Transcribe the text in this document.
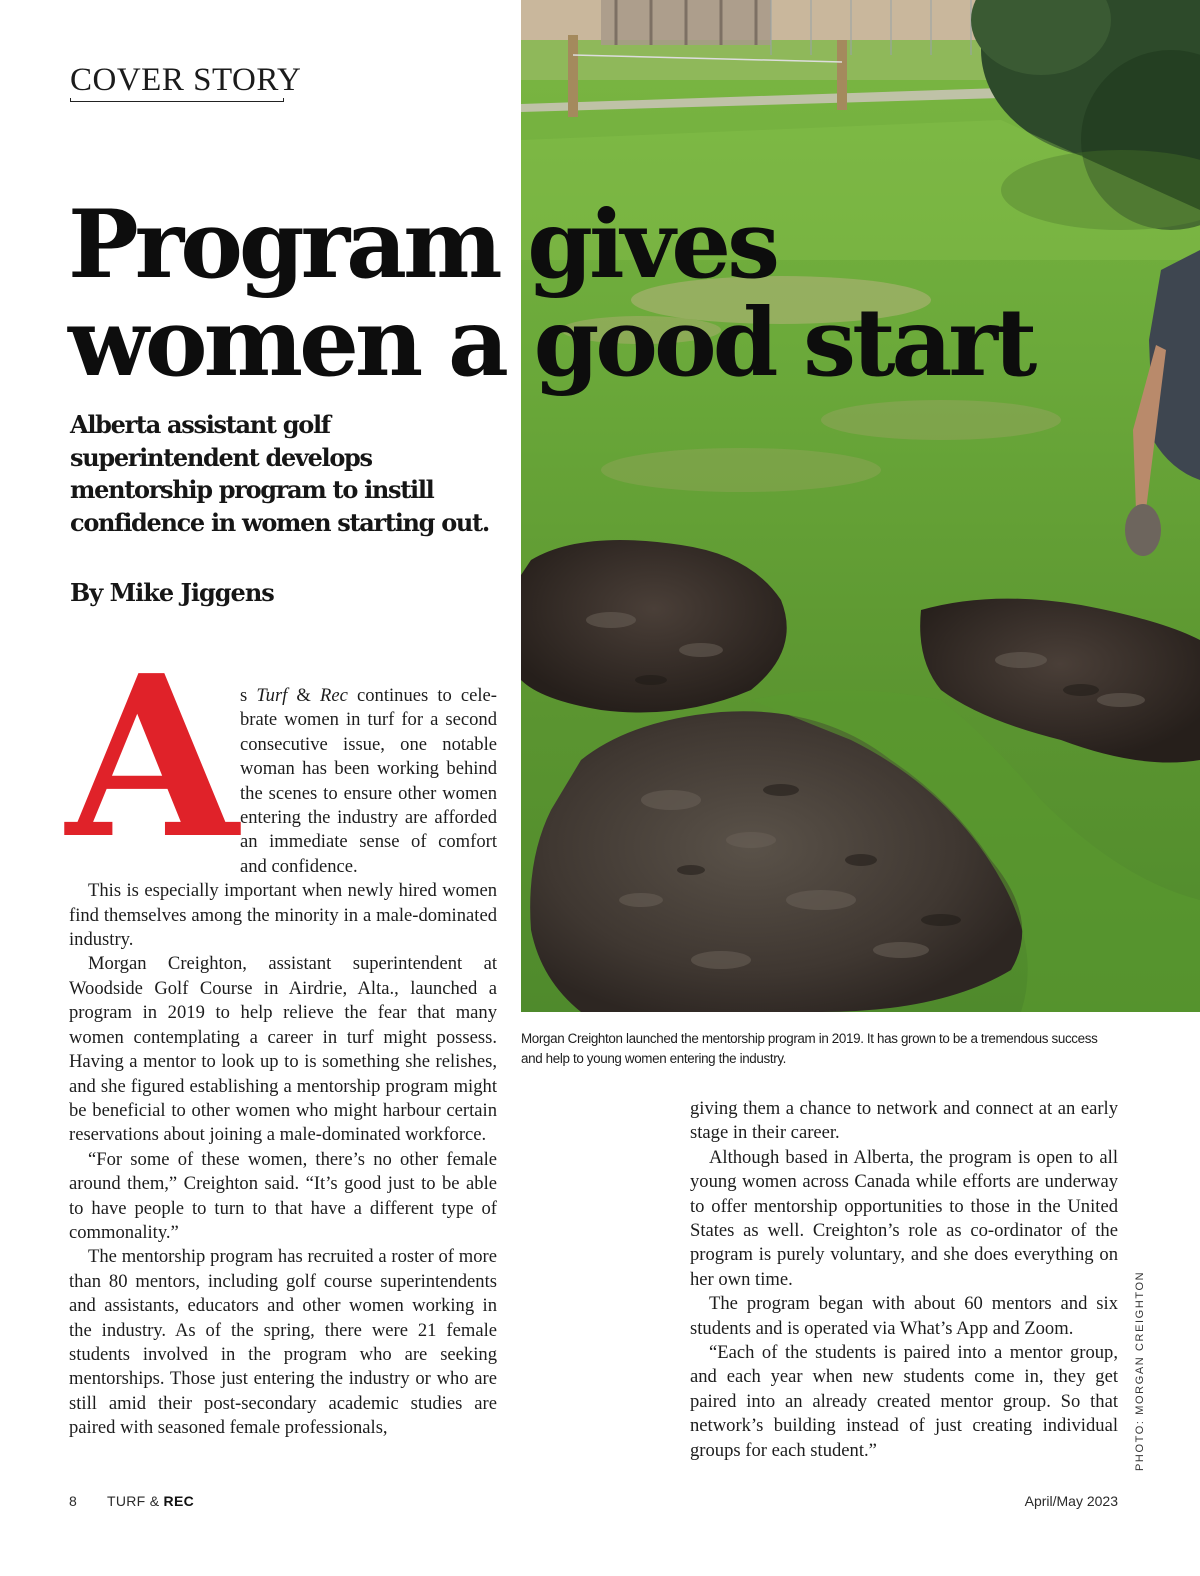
COVER STORY
Program gives
women a good start

Alberta assistant golf superintendent develops mentorship program to instill confidence in women starting out.

By Mike Jiggens

A s Turf & Rec continues to celebrate women in turf for a second consecutive issue, one notable woman has been working behind the scenes to ensure other women entering the industry are afforded an immediate sense of comfort and confidence.

This is especially important when newly hired women find themselves among the minority in a male-dominated industry.

Morgan Creighton, assistant superintendent at Woodside Golf Course in Airdrie, Alta., launched a program in 2019 to help relieve the fear that many women contemplating a career in turf might possess. Having a mentor to look up to is something she relishes, and she figured establishing a mentorship program might be beneficial to other women who might harbour certain reservations about joining a male-dominated workforce.

“For some of these women, there’s no other female around them,” Creighton said. “It’s good just to be able to have people to turn to that have a different type of commonality.”

The mentorship program has recruited a roster of more than 80 mentors, including golf course superintendents and assistants, educators and other women working in the industry. As of the spring, there were 21 female students involved in the program who are seeking mentorships. Those just entering the industry or who are still amid their post-secondary academic studies are paired with seasoned female professionals,

Morgan Creighton launched the mentorship program in 2019. It has grown to be a tremendous success and help to young women entering the industry.

PHOTO: MORGAN CREIGHTON

giving them a chance to network and connect at an early stage in their career.

Although based in Alberta, the program is open to all young women across Canada while efforts are underway to offer mentorship opportunities to those in the United States as well. Creighton’s role as co-ordinator of the program is purely voluntary, and she does everything on her own time.

The program began with about 60 mentors and six students and is operated via What’s App and Zoom.

“Each of the students is paired into a mentor group, and each year when new students come in, they get paired into an already created mentor group. So that network’s building instead of just creating individual groups for each student.”

8 TURF & REC	April/May 2023
